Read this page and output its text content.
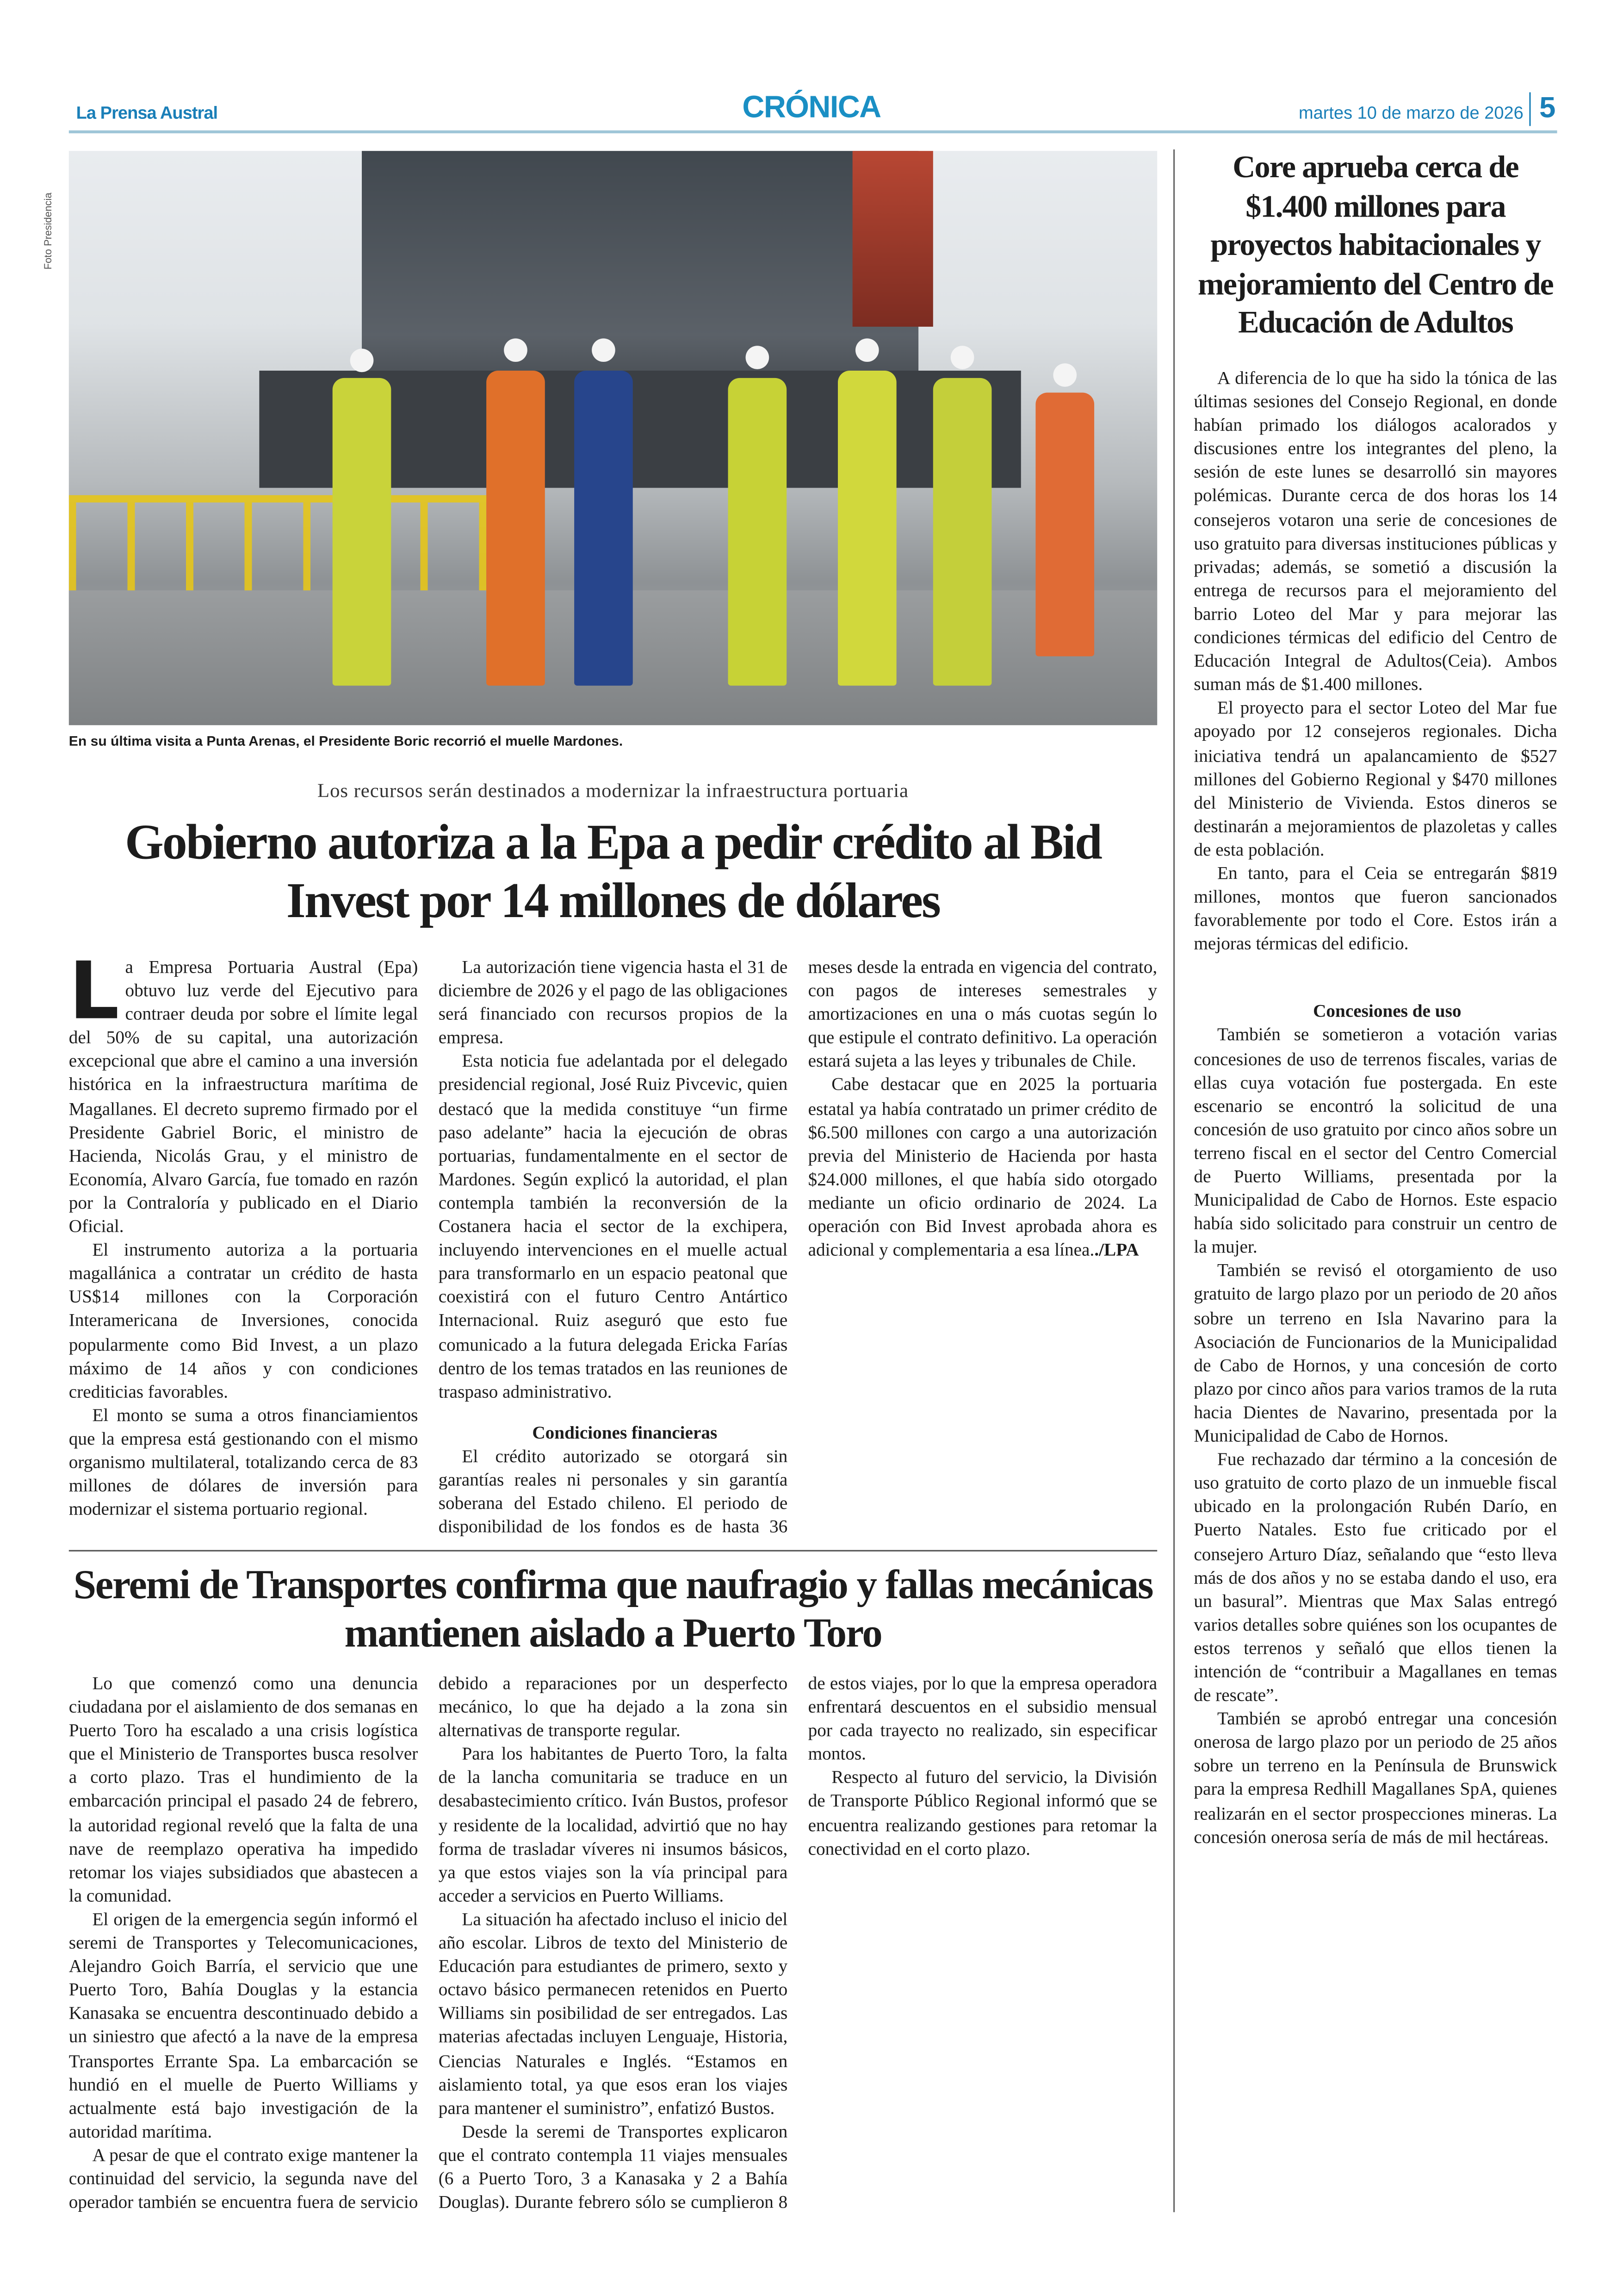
La Prensa Austral	CRÓNICA	martes 10 de marzo de 2026	5
Foto Presidencia
En su última visita a Punta Arenas, el Presidente Boric recorrió el muelle Mardones.
Los recursos serán destinados a modernizar la infraestructura portuaria
Gobierno autoriza a la Epa a pedir crédito al Bid Invest por 14 millones de dólares

L a Empresa Portuaria Austral (Epa) obtuvo luz verde del Ejecutivo para contraer deuda por sobre el límite legal del 50% de su capital, una autorización excepcional que abre el camino a una inversión histórica en la infraestructura marítima de Magallanes. El decreto supremo firmado por el Presidente Gabriel Boric, el ministro de Hacienda, Nicolás Grau, y el ministro de Economía, Alvaro García, fue tomado en razón por la Contraloría y publicado en el Diario Oficial.

El instrumento autoriza a la portuaria magallánica a contratar un crédito de hasta US$14 millones con la Corporación Interamericana de Inversiones, conocida popularmente como Bid Invest, a un plazo máximo de 14 años y con condiciones crediticias favorables.

El monto se suma a otros financiamientos que la empresa está gestionando con el mismo organismo multilateral, totalizando cerca de 83 millones de dólares de inversión para modernizar el sistema portuario regional.

La autorización tiene vigencia hasta el 31 de diciembre de 2026 y el pago de las obligaciones será financiado con recursos propios de la empresa.

Esta noticia fue adelantada por el delegado presidencial regional, José Ruiz Pivcevic, quien destacó que la medida constituye “un firme paso adelante” hacia la ejecución de obras portuarias, fundamentalmente en el sector de Mardones. Según explicó la autoridad, el plan contempla también la reconversión de la Costanera hacia el sector de la exchipera, incluyendo intervenciones en el muelle actual para transformarlo en un espacio peatonal que coexistirá con el futuro Centro Antártico Internacional. Ruiz aseguró que esto fue comunicado a la futura delegada Ericka Farías dentro de los temas tratados en las reuniones de traspaso administrativo.

Condiciones financieras

El crédito autorizado se otorgará sin garantías reales ni personales y sin garantía soberana del Estado chileno. El periodo de disponibilidad de los fondos es de hasta 36 meses desde la entrada en vigencia del contrato, con pagos de intereses semestrales y amortizaciones en una o más cuotas según lo que estipule el contrato definitivo. La operación estará sujeta a las leyes y tribunales de Chile.

Cabe destacar que en 2025 la portuaria estatal ya había contratado un primer crédito de $6.500 millones con cargo a una autorización previa del Ministerio de Hacienda por hasta $24.000 millones, el que había sido otorgado mediante un oficio ordinario de 2024. La operación con Bid Invest aprobada ahora es adicional y complementaria a esa línea../LPA

Seremi de Transportes confirma que naufragio y fallas mecánicas mantienen aislado a Puerto Toro

Lo que comenzó como una denuncia ciudadana por el aislamiento de dos semanas en Puerto Toro ha escalado a una crisis logística que el Ministerio de Transportes busca resolver a corto plazo. Tras el hundimiento de la embarcación principal el pasado 24 de febrero, la autoridad regional reveló que la falta de una nave de reemplazo operativa ha impedido retomar los viajes subsidiados que abastecen a la comunidad.

El origen de la emergencia según informó el seremi de Transportes y Telecomunicaciones, Alejandro Goich Barría, el servicio que une Puerto Toro, Bahía Douglas y la estancia Kanasaka se encuentra descontinuado debido a un siniestro que afectó a la nave de la empresa Transportes Errante Spa. La embarcación se hundió en el muelle de Puerto Williams y actualmente está bajo investigación de la autoridad marítima.

A pesar de que el contrato exige mantener la continuidad del servicio, la segunda nave del operador también se encuentra fuera de servicio debido a reparaciones por un desperfecto mecánico, lo que ha dejado a la zona sin alternativas de transporte regular.

Para los habitantes de Puerto Toro, la falta de la lancha comunitaria se traduce en un desabastecimiento crítico. Iván Bustos, profesor y residente de la localidad, advirtió que no hay forma de trasladar víveres ni insumos básicos, ya que estos viajes son la vía principal para acceder a servicios en Puerto Williams.

La situación ha afectado incluso el inicio del año escolar. Libros de texto del Ministerio de Educación para estudiantes de primero, sexto y octavo básico permanecen retenidos en Puerto Williams sin posibilidad de ser entregados. Las materias afectadas incluyen Lenguaje, Historia, Ciencias Naturales e Inglés. “Estamos en aislamiento total, ya que esos eran los viajes para mantener el suministro”, enfatizó Bustos.

Desde la seremi de Transportes explicaron que el contrato contempla 11 viajes mensuales (6 a Puerto Toro, 3 a Kanasaka y 2 a Bahía Douglas). Durante febrero sólo se cumplieron 8 de estos viajes, por lo que la empresa operadora enfrentará descuentos en el subsidio mensual por cada trayecto no realizado, sin especificar montos.

Respecto al futuro del servicio, la División de Transporte Público Regional informó que se encuentra realizando gestiones para retomar la conectividad en el corto plazo.

Core aprueba cerca de $1.400 millones para proyectos habitacionales y mejoramiento del Centro de Educación de Adultos

A diferencia de lo que ha sido la tónica de las últimas sesiones del Consejo Regional, en donde habían primado los diálogos acalorados y discusiones entre los integrantes del pleno, la sesión de este lunes se desarrolló sin mayores polémicas. Durante cerca de dos horas los 14 consejeros votaron una serie de concesiones de uso gratuito para diversas instituciones públicas y privadas; además, se sometió a discusión la entrega de recursos para el mejoramiento del barrio Loteo del Mar y para mejorar las condiciones térmicas del edificio del Centro de Educación Integral de Adultos(Ceia). Ambos suman más de $1.400 millones.

El proyecto para el sector Loteo del Mar fue apoyado por 12 consejeros regionales. Dicha iniciativa tendrá un apalancamiento de $527 millones del Gobierno Regional y $470 millones del Ministerio de Vivienda. Estos dineros se destinarán a mejoramientos de plazoletas y calles de esta población.

En tanto, para el Ceia se entregarán $819 millones, montos que fueron sancionados favorablemente por todo el Core. Estos irán a mejoras térmicas del edificio.

Concesiones de uso

También se sometieron a votación varias concesiones de uso de terrenos fiscales, varias de ellas cuya votación fue postergada. En este escenario se encontró la solicitud de una concesión de uso gratuito por cinco años sobre un terreno fiscal en el sector del Centro Comercial de Puerto Williams, presentada por la Municipalidad de Cabo de Hornos. Este espacio había sido solicitado para construir un centro de la mujer.

También se revisó el otorgamiento de uso gratuito de largo plazo por un periodo de 20 años sobre un terreno en Isla Navarino para la Asociación de Funcionarios de la Municipalidad de Cabo de Hornos, y una concesión de corto plazo por cinco años para varios tramos de la ruta hacia Dientes de Navarino, presentada por la Municipalidad de Cabo de Hornos.

Fue rechazado dar término a la concesión de uso gratuito de corto plazo de un inmueble fiscal ubicado en la prolongación Rubén Darío, en Puerto Natales. Esto fue criticado por el consejero Arturo Díaz, señalando que “esto lleva más de dos años y no se estaba dando el uso, era un basural”. Mientras que Max Salas entregó varios detalles sobre quiénes son los ocupantes de estos terrenos y señaló que ellos tienen la intención de “contribuir a Magallanes en temas de rescate”.

También se aprobó entregar una concesión onerosa de largo plazo por un periodo de 25 años sobre un terreno en la Península de Brunswick para la empresa Redhill Magallanes SpA, quienes realizarán en el sector prospecciones mineras. La concesión onerosa sería de más de mil hectáreas.
